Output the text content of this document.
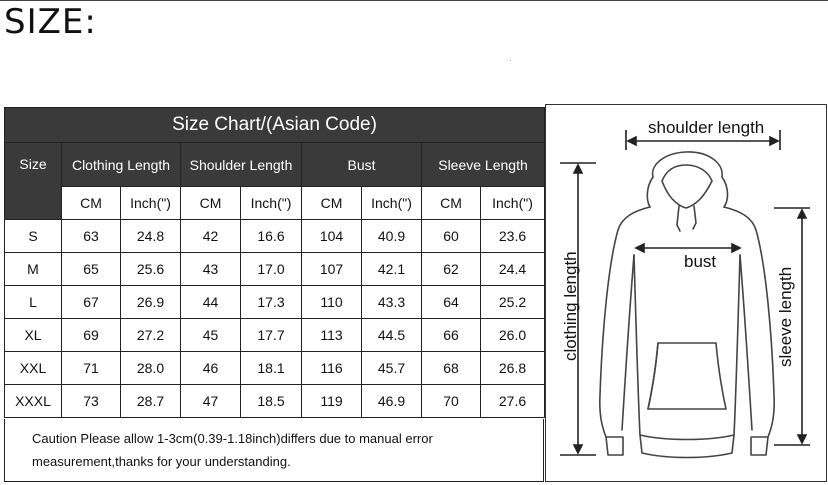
SIZE:
Size Chart/(Asian Code)								
Size	Clothing Length		Shoulder Length		Bust		Sleeve Length	
	CM	Inch(")	CM	Inch(")	CM	Inch(")	CM	Inch(")
S	63	24.8	42	16.6	104	40.9	60	23.6
M	65	25.6	43	17.0	107	42.1	62	24.4
L	67	26.9	44	17.3	110	43.3	64	25.2
XL	69	27.2	45	17.7	113	44.5	66	26.0
XXL	71	28.0	46	18.1	116	45.7	68	26.8
XXXL	73	28.7	47	18.5	119	46.9	70	27.6
Caution Please allow 1-3cm(0.39-1.18inch)differs due to manual error
measurement,thanks for your understanding.
shoulder length
bust
clothing length	sleeve length
